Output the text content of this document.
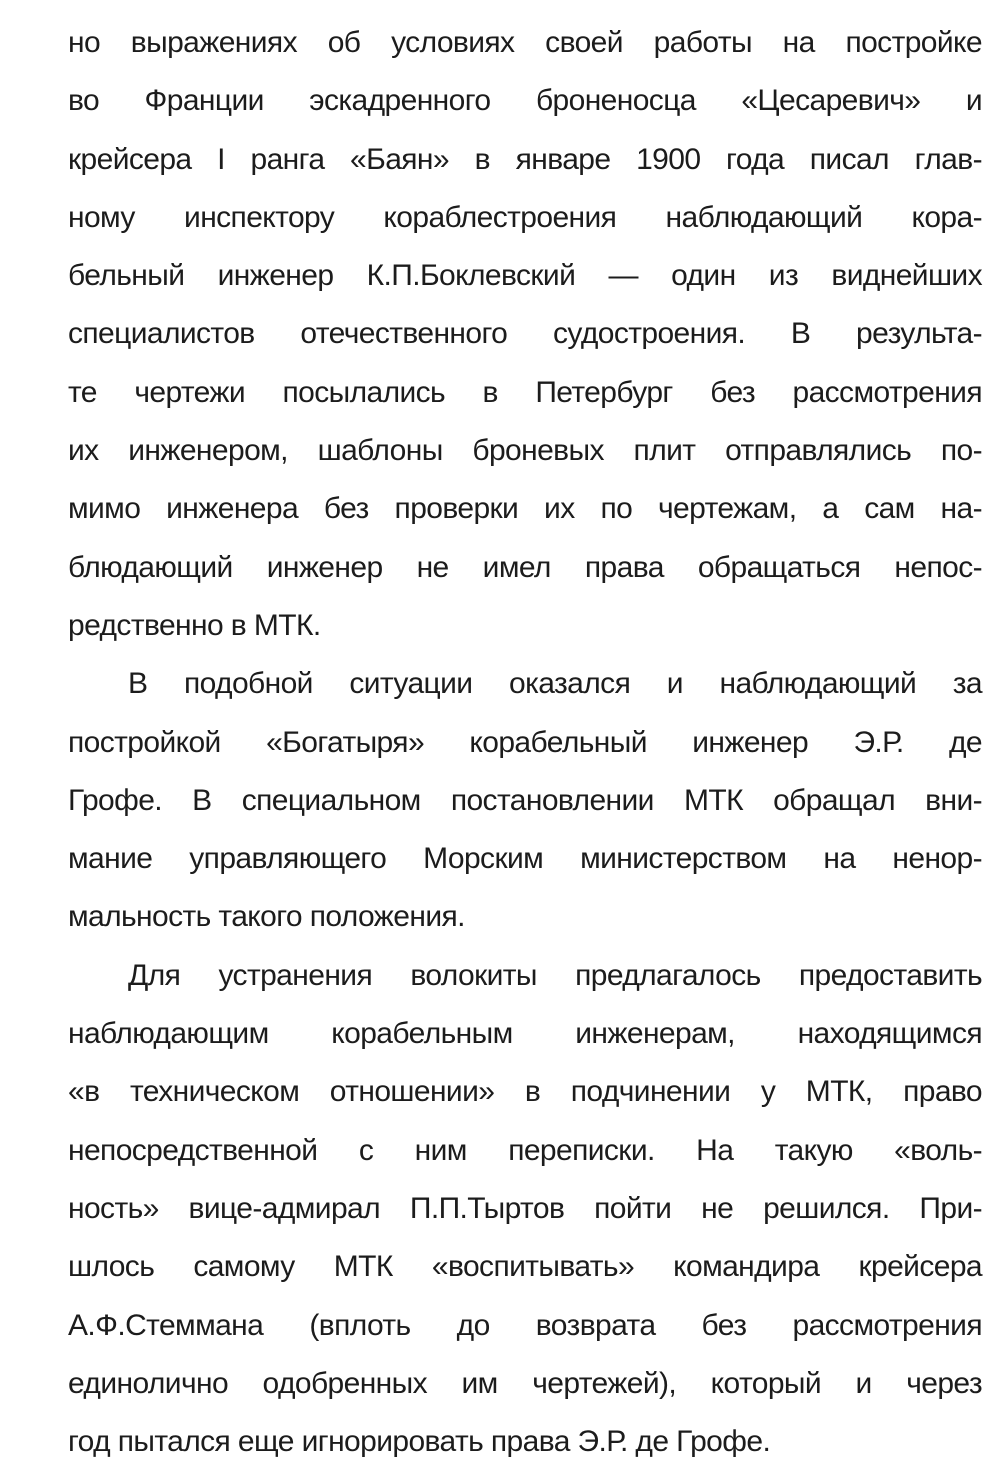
но выражениях об условиях своей работы на постройке
во Франции эскадренного броненосца «Цесаревич» и
крейсера I ранга «Баян» в январе 1900 года писал глав-
ному инспектору кораблестроения наблюдающий кора-
бельный инженер К.П.Боклевский — один из виднейших
специалистов отечественного судостроения. В результа-
те чертежи посылались в Петербург без рассмотрения
их инженером, шаблоны броневых плит отправлялись по-
мимо инженера без проверки их по чертежам, а сам на-
блюдающий инженер не имел права обращаться непос-
редственно в МТК.
В подобной ситуации оказался и наблюдающий за
постройкой «Богатыря» корабельный инженер Э.Р. де
Грофе. В специальном постановлении МТК обращал вни-
мание управляющего Морским министерством на ненор-
мальность такого положения.
Для устранения волокиты предлагалось предоставить
наблюдающим корабельным инженерам, находящимся
«в техническом отношении» в подчинении у МТК, право
непосредственной с ним переписки. На такую «воль-
ность» вице-адмирал П.П.Тыртов пойти не решился. При-
шлось самому МТК «воспитывать» командира крейсера
А.Ф.Стеммана (вплоть до возврата без рассмотрения
единолично одобренных им чертежей), который и через
год пытался еще игнорировать права Э.Р. де Грофе.
